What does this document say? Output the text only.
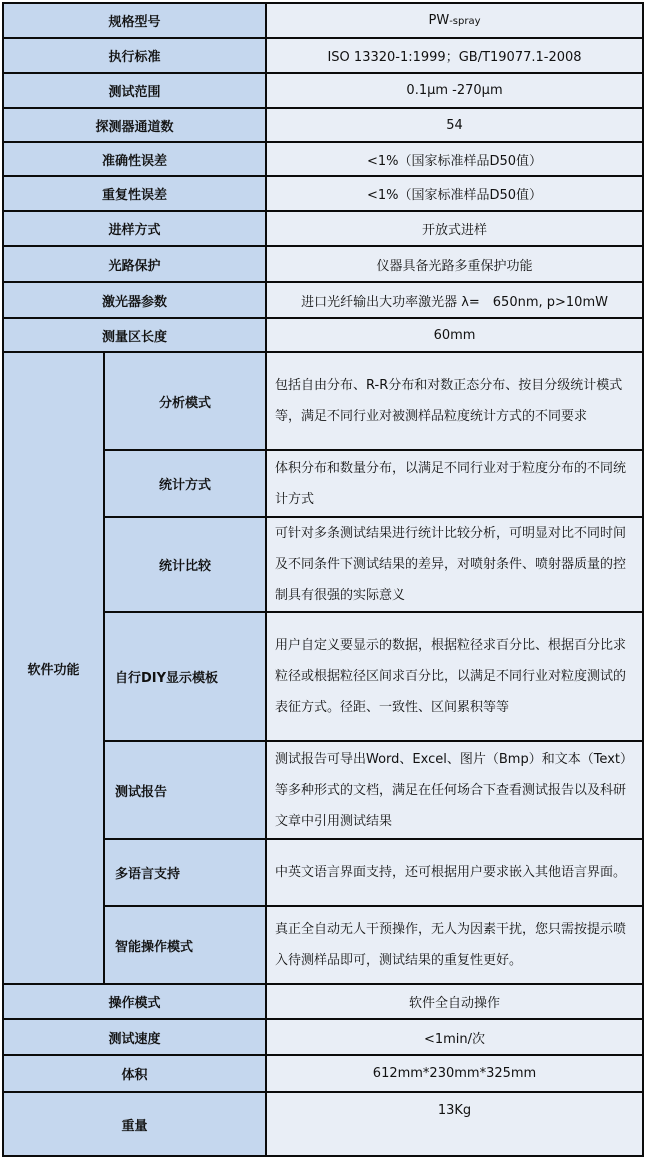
规格型号		PW-spray
执行标准		ISO 13320-1:1999；GB/T19077.1-2008
测试范围		0.1μm -270μm
探测器通道数		54
准确性误差		<1%（国家标准样品D50值）
重复性误差		<1%（国家标准样品D50值）
进样方式		开放式进样
光路保护		仪器具备光路多重保护功能
激光器参数		进口光纤输出大功率激光器 λ=　650nm, p>10mW
测量区长度		60mm
软件功能	分析模式	包括自由分布、R-R分布和对数正态分布、按目分级统计模式等，满足不同行业对被测样品粒度统计方式的不同要求
	统计方式	体积分布和数量分布，以满足不同行业对于粒度分布的不同统计方式
	统计比较	可针对多条测试结果进行统计比较分析，可明显对比不同时间及不同条件下测试结果的差异，对喷射条件、喷射器质量的控制具有很强的实际意义
	自行DIY显示模板	用户自定义要显示的数据，根据粒径求百分比、根据百分比求粒径或根据粒径区间求百分比，以满足不同行业对粒度测试的表征方式。径距、一致性、区间累积等等
	测试报告	测试报告可导出Word、Excel、图片（Bmp）和文本（Text）等多种形式的文档，满足在任何场合下查看测试报告以及科研文章中引用测试结果
	多语言支持	中英文语言界面支持，还可根据用户要求嵌入其他语言界面。
	智能操作模式	真正全自动无人干预操作，无人为因素干扰，您只需按提示喷入待测样品即可，测试结果的重复性更好。
操作模式		软件全自动操作
测试速度		<1min/次
体积		612mm*230mm*325mm
重量		13Kg
